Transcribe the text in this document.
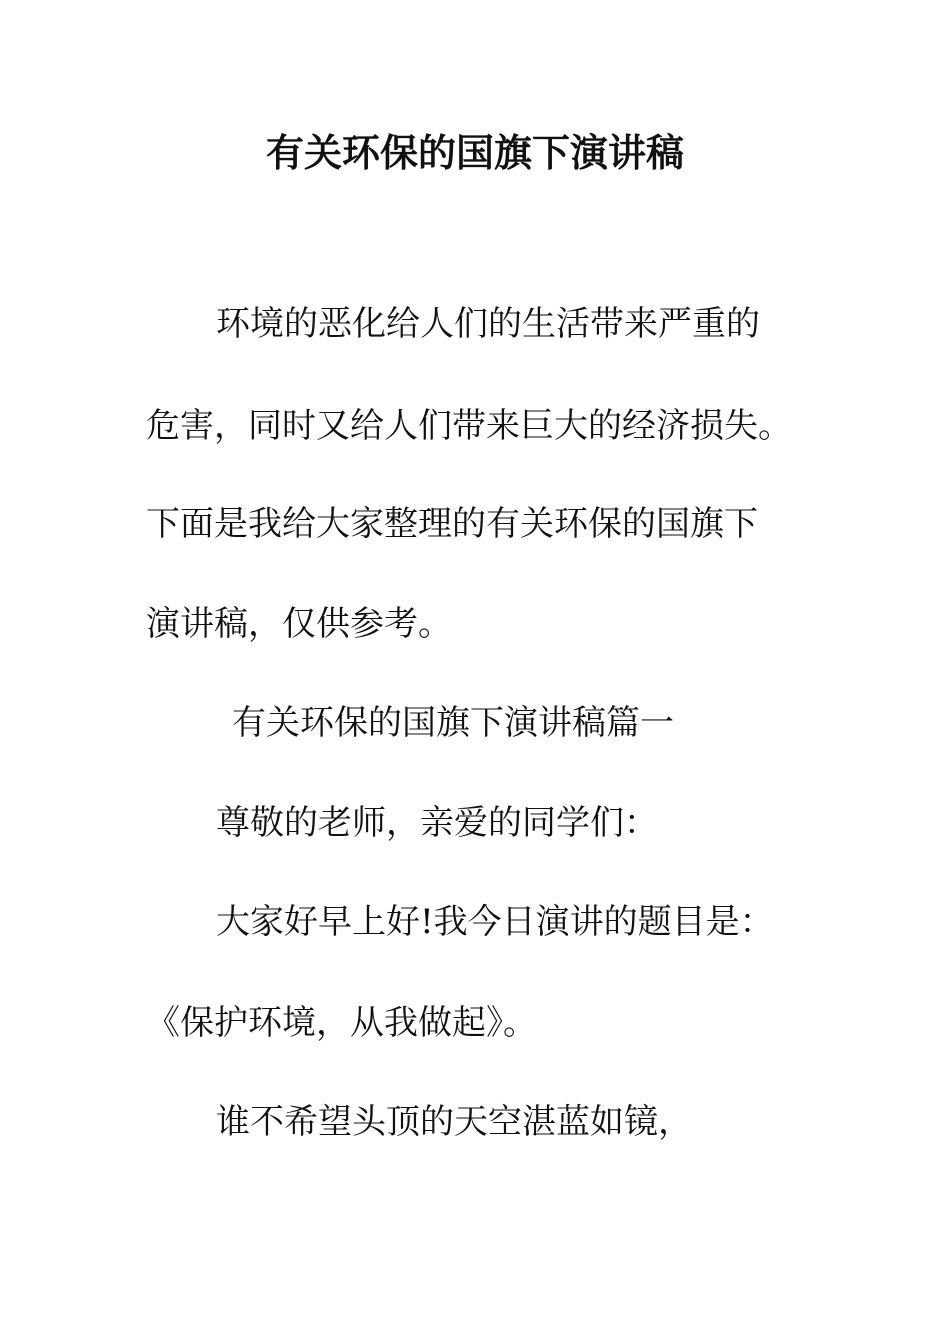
有关环保的国旗下演讲稿
环境的恶化给人们的生活带来严重的
危害，同时又给人们带来巨大的经济损失。
下面是我给大家整理的有关环保的国旗下
演讲稿，仅供参考。
有关环保的国旗下演讲稿篇一
尊敬的老师，亲爱的同学们：
大家好早上好!我今日演讲的题目是：
《保护环境，从我做起》。
谁不希望头顶的天空湛蓝如镜，
